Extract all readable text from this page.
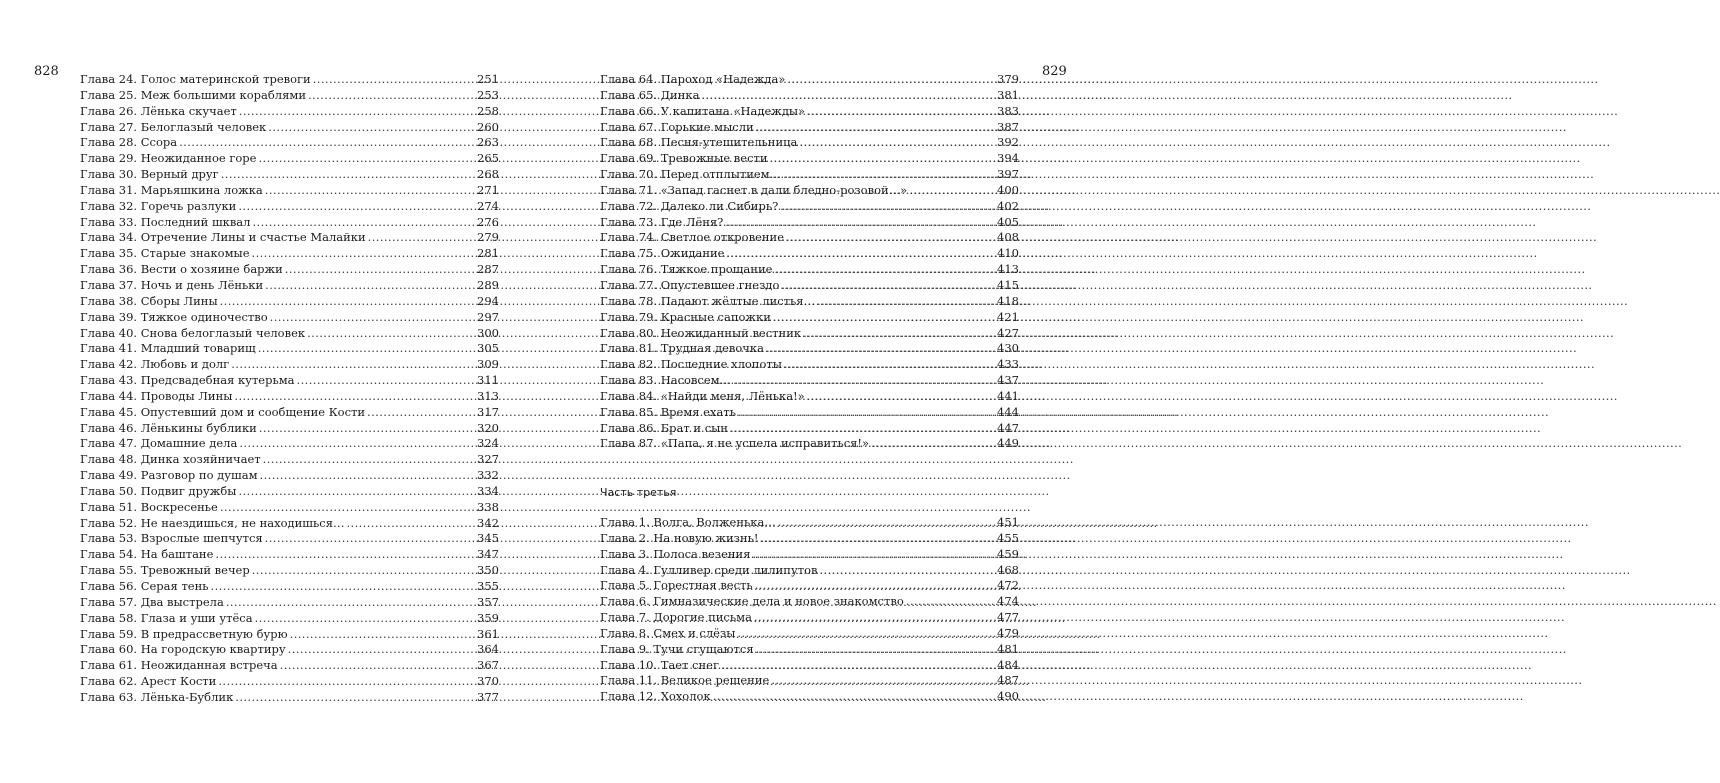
828	829
Глава 24. Голос материнской тревоги .....	251
Глава 25. Меж большими кораблями .....	253
Глава 26. Лёнька скучает .....	258
Глава 27. Белоглазый человек .....	260
Глава 28. Ссора .....	263
Глава 29. Неожиданное горе .....	265
Глава 30. Верный друг .....	268
Глава 31. Марьяшкина ложка .....	271
Глава 32. Горечь разлуки .....	274
Глава 33. Последний шквал .....	276
Глава 34. Отречение Лины и счастье Малайки .....	279
Глава 35. Старые знакомые .....	281
Глава 36. Вести о хозяине баржи .....	287
Глава 37. Ночь и день Лёньки .....	289
Глава 38. Сборы Лины .....	294
Глава 39. Тяжкое одиночество .....	297
Глава 40. Снова белоглазый человек .....	300
Глава 41. Младший товарищ .....	305
Глава 42. Любовь и долг .....	309
Глава 43. Предсвадебная кутерьма .....	311
Глава 44. Проводы Лины .....	313
Глава 45. Опустевший дом и сообщение Кости .....	317
Глава 46. Лёнькины бублики .....	320
Глава 47. Домашние дела .....	324
Глава 48. Динка хозяйничает .....	327
Глава 49. Разговор по душам .....	332
Глава 50. Подвиг дружбы .....	334
Глава 51. Воскресенье .....	338
Глава 52. Не наездишься, не находишься… .....	342
Глава 53. Взрослые шепчутся .....	345
Глава 54. На баштане .....	347
Глава 55. Тревожный вечер .....	350
Глава 56. Серая тень .....	355
Глава 57. Два выстрела .....	357
Глава 58. Глаза и уши утёса .....	359
Глава 59. В предрассветную бурю .....	361
Глава 60. На городскую квартиру .....	364
Глава 61. Неожиданная встреча .....	367
Глава 62. Арест Кости .....	370
Глава 63. Лёнька-Бублик .....	377
Глава 64. Пароход «Надежда» .....	379
Глава 65. Динка .....	381
Глава 66. У капитана «Надежды» .....	383
Глава 67. Горькие мысли .....	387
Глава 68. Песня-утешительница .....	392
Глава 69. Тревожные вести .....	394
Глава 70. Перед отплытием… .....	397
Глава 71. «Запад гаснет в дали бледно-розовой…» .....	400
Глава 72. Далеко ли Сибирь? .....	402
Глава 73. Где Лёня? .....	405
Глава 74. Светлое откровение .....	408
Глава 75. Ожидание .....	410
Глава 76. Тяжкое прощание .....	413
Глава 77. Опустевшее гнездо .....	415
Глава 78. Падают жёлтые листья… .....	418
Глава 79. Красные сапожки .....	421
Глава 80. Неожиданный вестник .....	427
Глава 81. Трудная девочка .....	430
Глава 82. Последние хлопоты .....	433
Глава 83. Насовсем… .....	437
Глава 84. «Найди меня, Лёнька!» .....	441
Глава 85. Время ехать .....	444
Глава 86. Брат и сын .....	447
Глава 87. «Папа, я не успела исправиться!» .....	449
Часть третья
Глава 1. Волга, Волженька… .....	451
Глава 2. На новую жизнь! .....	455
Глава 3. Полоса везения .....	459
Глава 4. Гулливер среди лилипутов .....	468
Глава 5. Горестная весть .....	472
Глава 6. Гимназические дела и новое знакомство .....	474
Глава 7. Дорогие письма .....	477
Глава 8. Смех и слёзы .....	479
Глава 9. Тучи сгущаются .....	481
Глава 10. Тает снег .....	484
Глава 11. Великое решение .....	487
Глава 12. Хохолок .....	490
